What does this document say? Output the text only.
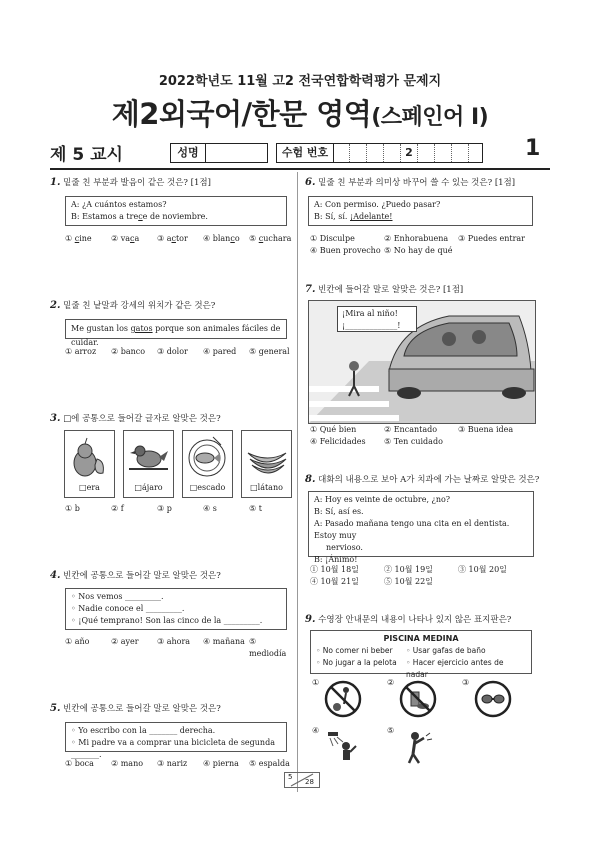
2022학년도 11월 고2 전국연합학력평가 문제지
제2외국어/한문 영역(스페인어 Ⅰ)
제 5 교시	성명	수험 번호	2	1
1. 밑줄 친 부분과 발음이 같은 것은? [1점]
A: ¿A cuántos estamos?
B: Estamos a trece de noviembre.
① cine	② vaca	③ actor	④ blanco	⑤ cuchara
2. 밑줄 친 낱말과 강세의 위치가 같은 것은?
Me gustan los gatos porque son animales fáciles de cuidar.
① arroz	② banco	③ dolor	④ pared	⑤ general
3. □에 공통으로 들어갈 글자로 알맞은 것은?
□era	□ájaro	□escado	□látano
① b	② f	③ p	④ s	⑤ t
4. 빈칸에 공통으로 들어갈 말로 알맞은 것은?
◦ Nos vemos _________.
◦ Nadie conoce el _________.
◦ ¡Qué temprano! Son las cinco de la _________.
① año	② ayer	③ ahora	④ mañana ⑤ mediodía
5. 빈칸에 공통으로 들어갈 말로 알맞은 것은?
◦ Yo escribo con la _______ derecha.
◦ Mi padre va a comprar una bicicleta de segunda _______.
① boca	② mano	③ nariz	④ pierna	⑤ espalda
6. 밑줄 친 부분과 의미상 바꾸어 쓸 수 있는 것은? [1점]
A: Con permiso. ¿Puedo pasar?
B: Sí, sí. ¡Adelante!
① Disculpe	② Enhorabuena	③ Puedes entrar
④ Buen provecho ⑤ No hay de qué
7. 빈칸에 들어갈 말로 알맞은 것은? [1점]
¡Mira al niño!
¡_____________!
① Qué bien	② Encantado	③ Buena idea
④ Felicidades	⑤ Ten cuidado
8. 대화의 내용으로 보아 A가 치과에 가는 날짜로 알맞은 것은?
A: Hoy es veinte de octubre, ¿no?
B: Sí, así es.
A: Pasado mañana tengo una cita en el dentista. Estoy muy
nervioso.
B: ¡Ánimo!
① 10월 18일	② 10월 19일	③ 10월 20일
④ 10월 21일	⑤ 10월 22일
9. 수영장 안내문의 내용이 나타나 있지 않은 표지판은?
PISCINA MEDINA
◦ No comer ni beber	◦ Usar gafas de baño
◦ No jugar a la pelota	◦ Hacer ejercicio antes de nadar
①	②	③
④	⑤
5
28
